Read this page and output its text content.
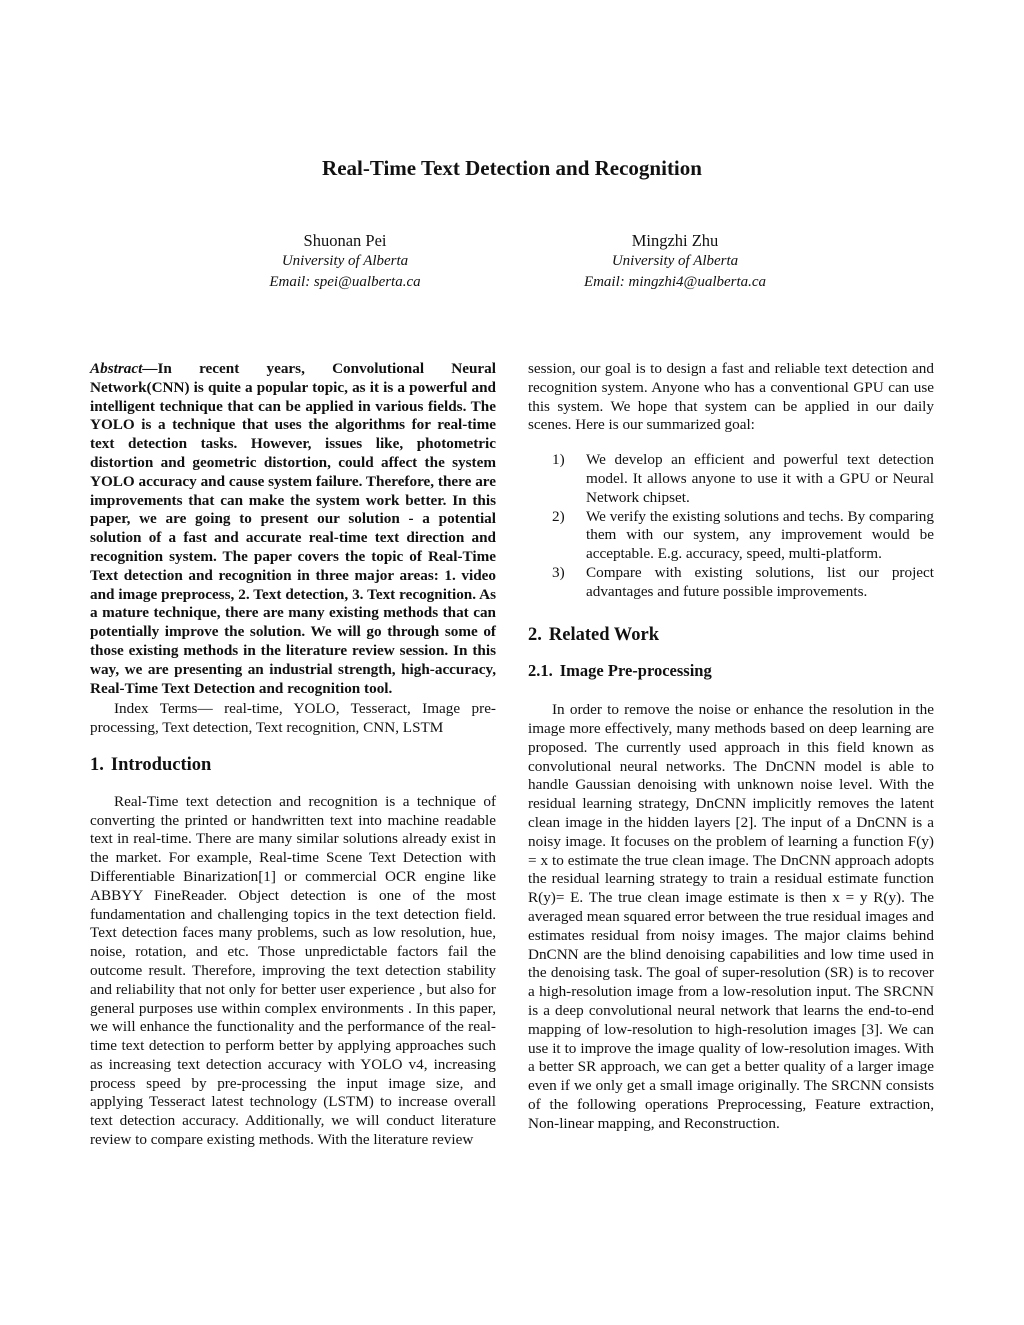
Real-Time Text Detection and Recognition
Shuonan Pei
University of Alberta
Email: spei@ualberta.ca
Mingzhi Zhu
University of Alberta
Email: mingzhi4@ualberta.ca

Abstract—In recent years, Convolutional Neural Network(CNN) is quite a popular topic, as it is a powerful and intelligent technique that can be applied in various fields. The YOLO is a technique that uses the algorithms for real-time text detection tasks. However, issues like, photometric distortion and geometric distortion, could affect the system YOLO accuracy and cause system failure. Therefore, there are improvements that can make the system work better. In this paper, we are going to present our solution - a potential solution of a fast and accurate real-time text direction and recognition system. The paper covers the topic of Real-Time Text detection and recognition in three major areas: 1. video and image preprocess, 2. Text detection, 3. Text recognition. As a mature technique, there are many existing methods that can potentially improve the solution. We will go through some of those existing methods in the literature review session. In this way, we are presenting an industrial strength, high-accuracy, Real-Time Text Detection and recognition tool.

Index Terms— real-time, YOLO, Tesseract, Image pre-processing, Text detection, Text recognition, CNN, LSTM

1. Introduction

Real-Time text detection and recognition is a technique of converting the printed or handwritten text into machine readable text in real-time. There are many similar solutions already exist in the market. For example, Real-time Scene Text Detection with Differentiable Binarization[1] or commercial OCR engine like ABBYY FineReader. Object detection is one of the most fundamentation and challenging topics in the text detection field. Text detection faces many problems, such as low resolution, hue, noise, rotation, and etc. Those unpredictable factors fail the outcome result. Therefore, improving the text detection stability and reliability that not only for better user experience , but also for general purposes use within complex environments . In this paper, we will enhance the functionality and the performance of the real-time text detection to perform better by applying approaches such as increasing text detection accuracy with YOLO v4, increasing process speed by pre-processing the input image size, and applying Tesseract latest technology (LSTM) to increase overall text detection accuracy. Additionally, we will conduct literature review to compare existing methods. With the literature review

session, our goal is to design a fast and reliable text detection and recognition system. Anyone who has a conventional GPU can use this system. We hope that system can be applied in our daily scenes. Here is our summarized goal:

1)	We develop an efficient and powerful text detection model. It allows anyone to use it with a GPU or Neural Network chipset.
2)	We verify the existing solutions and techs. By comparing them with our system, any improvement would be acceptable. E.g. accuracy, speed, multi-platform.
3)	Compare with existing solutions, list our project advantages and future possible improvements.
2. Related Work
2.1. Image Pre-processing

In order to remove the noise or enhance the resolution in the image more effectively, many methods based on deep learning are proposed. The currently used approach in this field known as convolutional neural networks. The DnCNN model is able to handle Gaussian denoising with unknown noise level. With the residual learning strategy, DnCNN implicitly removes the latent clean image in the hidden layers [2]. The input of a DnCNN is a noisy image. It focuses on the problem of learning a function F(y) = x to estimate the true clean image. The DnCNN approach adopts the residual learning strategy to train a residual estimate function R(y)= E. The true clean image estimate is then x = y R(y). The averaged mean squared error between the true residual images and estimates residual from noisy images. The major claims behind DnCNN are the blind denoising capabilities and low time used in the denoising task. The goal of super-resolution (SR) is to recover a high-resolution image from a low-resolution input. The SRCNN is a deep convolutional neural network that learns the end-to-end mapping of low-resolution to high-resolution images [3]. We can use it to improve the image quality of low-resolution images. With a better SR approach, we can get a better quality of a larger image even if we only get a small image originally. The SRCNN consists of the following operations Preprocessing, Feature extraction, Non-linear mapping, and Reconstruction.
